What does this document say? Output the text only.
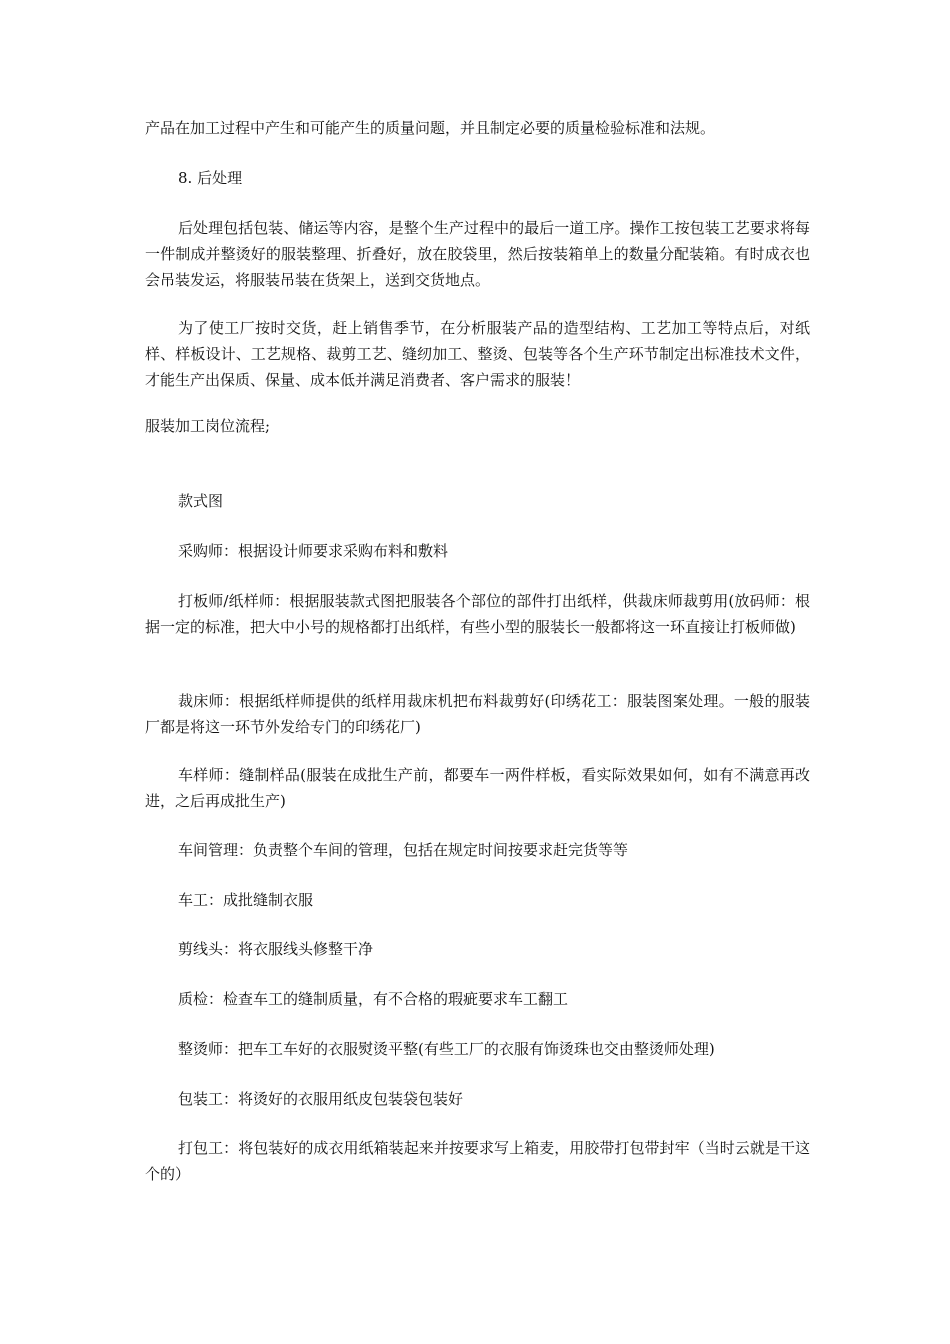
产品在加工过程中产生和可能产生的质量问题，并且制定必要的质量检验标准和法规。

8. 后处理

后处理包括包装、储运等内容，是整个生产过程中的最后一道工序。操作工按包装工艺要求将每一件制成并整烫好的服装整理、折叠好，放在胶袋里，然后按装箱单上的数量分配装箱。有时成衣也会吊装发运，将服装吊装在货架上，送到交货地点。

为了使工厂按时交货，赶上销售季节，在分析服装产品的造型结构、工艺加工等特点后，对纸样、样板设计、工艺规格、裁剪工艺、缝纫加工、整烫、包装等各个生产环节制定出标准技术文件，才能生产出保质、保量、成本低并满足消费者、客户需求的服装！

服装加工岗位流程;

款式图

采购师：根据设计师要求采购布料和敷料

打板师/纸样师：根据服装款式图把服装各个部位的部件打出纸样，供裁床师裁剪用(放码师：根据一定的标准，把大中小号的规格都打出纸样，有些小型的服装长一般都将这一环直接让打板师做)

裁床师：根据纸样师提供的纸样用裁床机把布料裁剪好(印绣花工：服装图案处理。一般的服装厂都是将这一环节外发给专门的印绣花厂)

车样师：缝制样品(服装在成批生产前，都要车一两件样板，看实际效果如何，如有不满意再改进，之后再成批生产)

车间管理：负责整个车间的管理，包括在规定时间按要求赶完货等等

车工：成批缝制衣服

剪线头：将衣服线头修整干净

质检：检查车工的缝制质量，有不合格的瑕疵要求车工翻工

整烫师：把车工车好的衣服熨烫平整(有些工厂的衣服有饰烫珠也交由整烫师处理)

包装工：将烫好的衣服用纸皮包装袋包装好

打包工：将包装好的成衣用纸箱装起来并按要求写上箱麦，用胶带打包带封牢（当时云就是干这个的）
